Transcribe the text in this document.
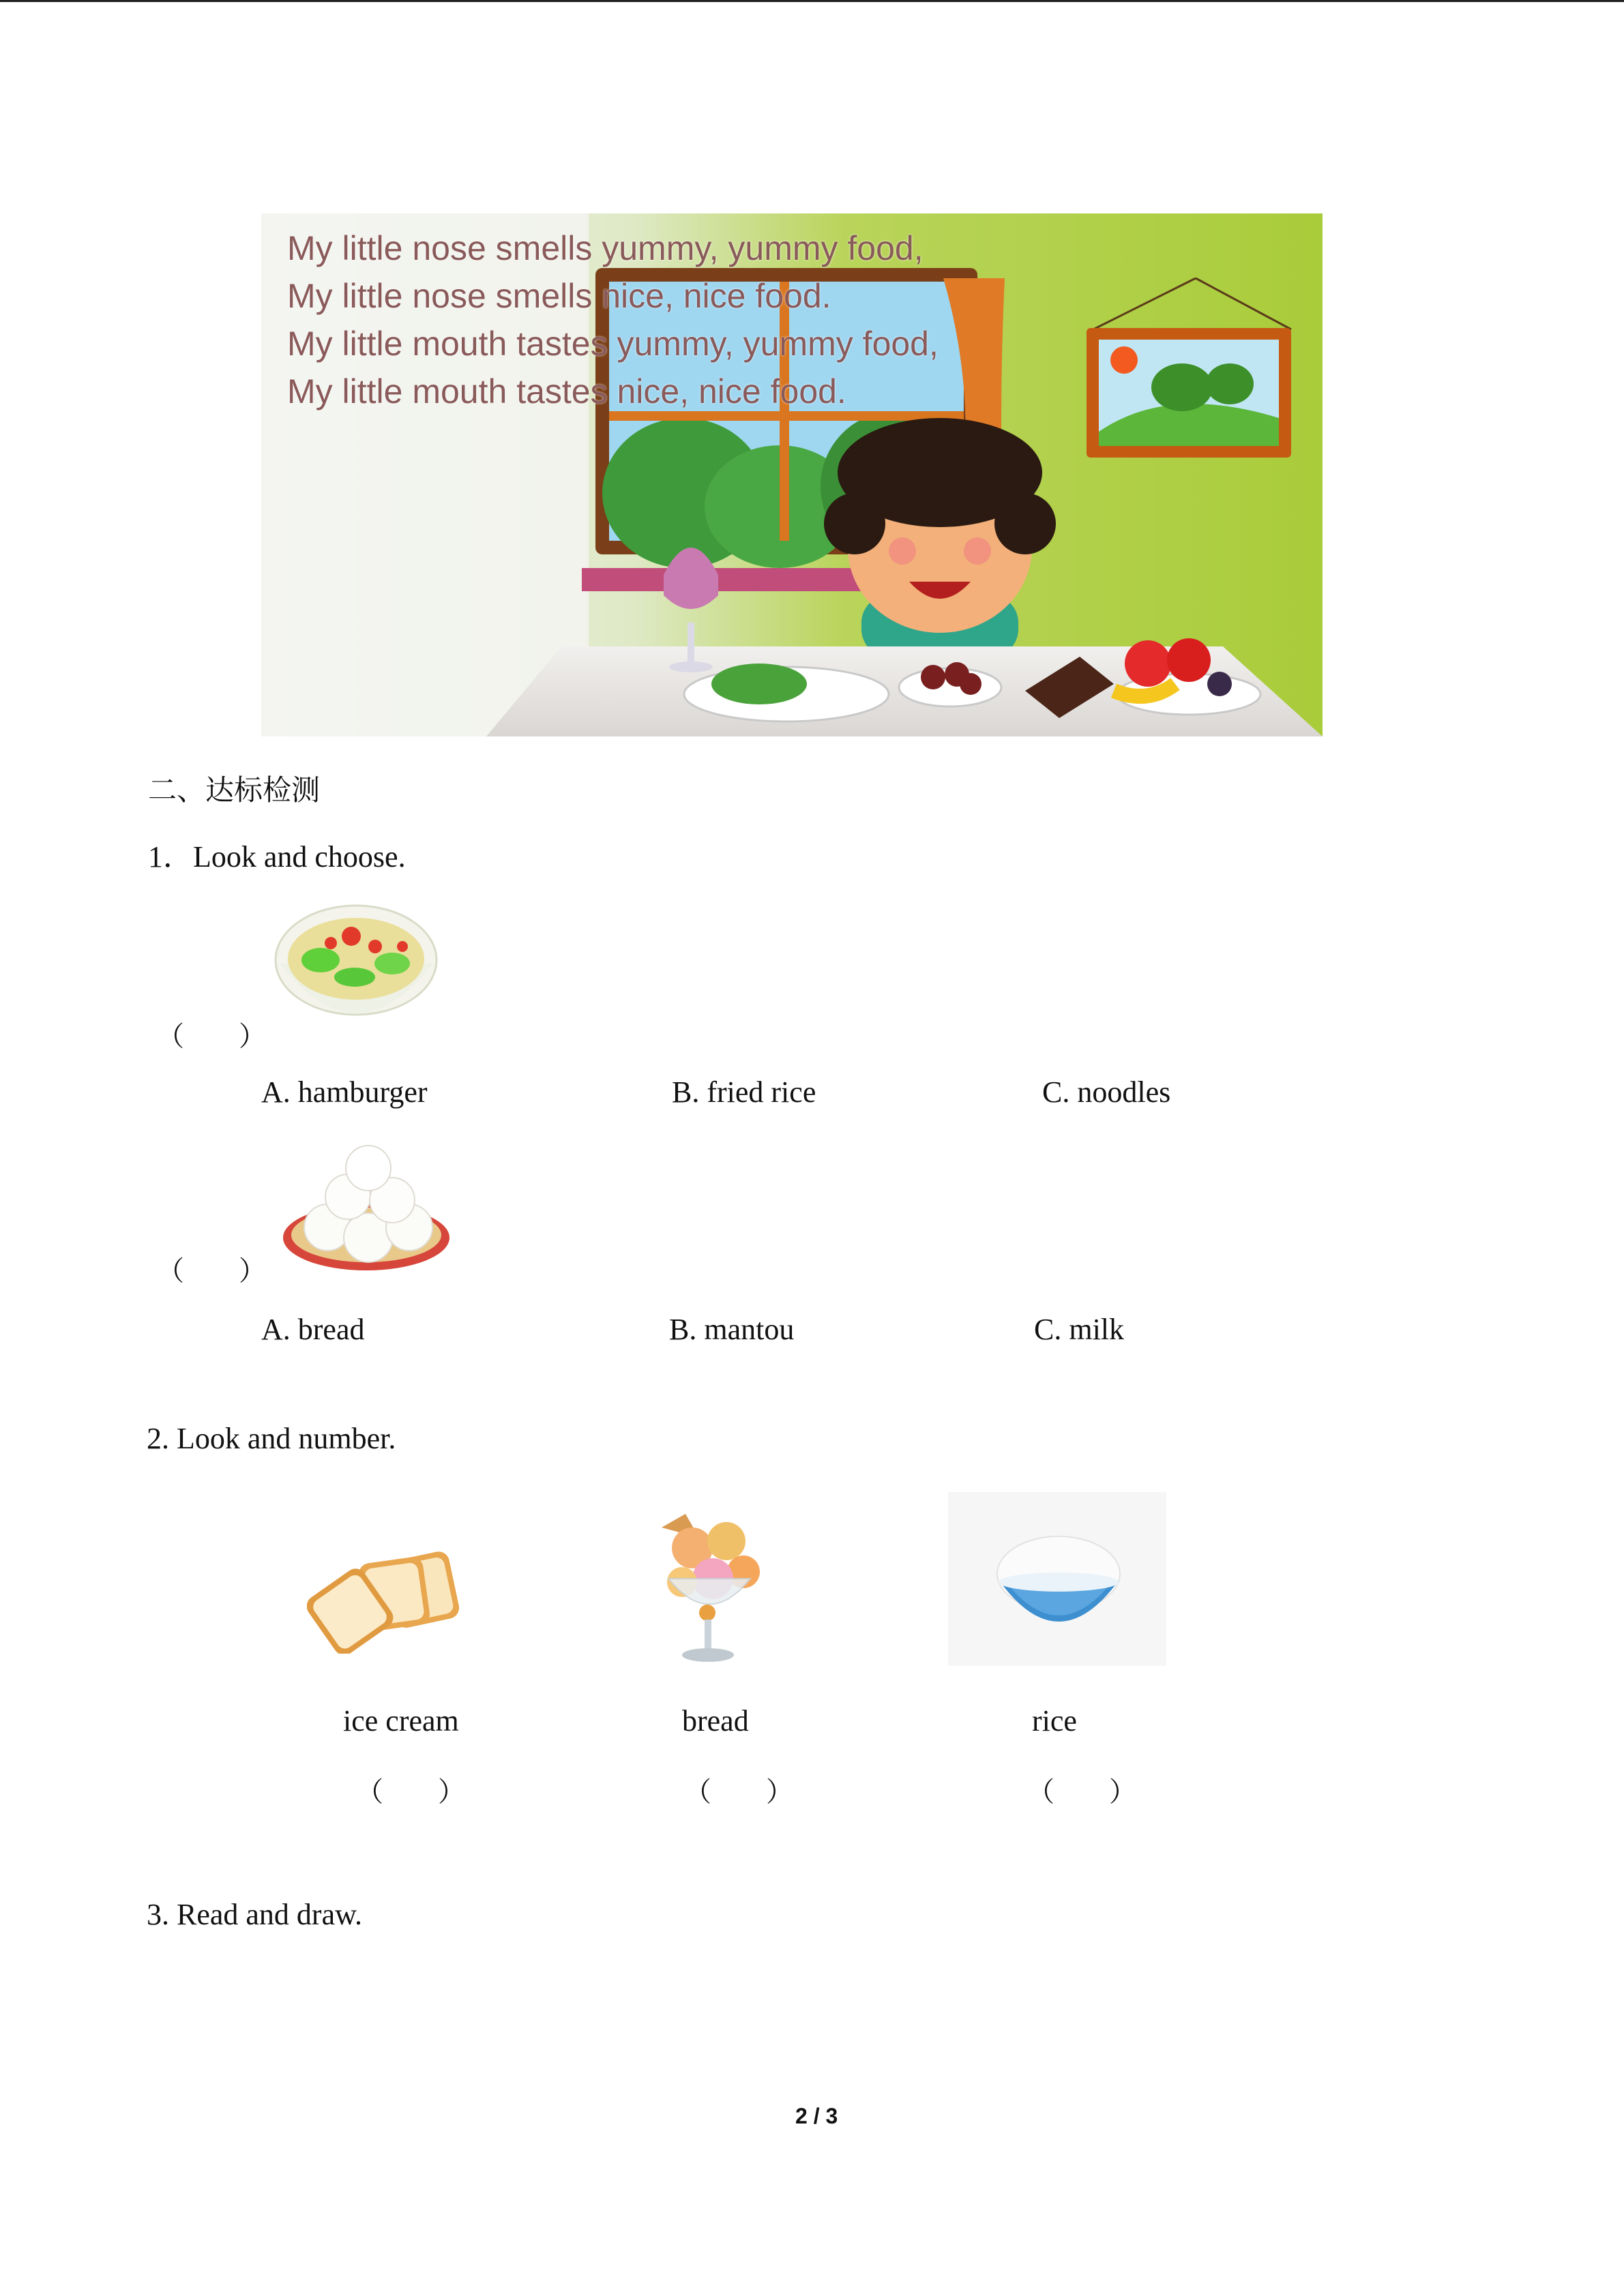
My little nose smells yummy, yummy food,
My little nose smells nice, nice food.
My little mouth tastes yummy, yummy food,
My little mouth tastes nice, nice food.
二、达标检测
1．Look and choose.
（　　）
A. hamburger	B. fried rice	C. noodles
（　　）
A. bread	B. mantou	C. milk
2. Look and number.
ice cream	bread	rice
（　　）	（　　）	（　　）
3. Read and draw.
2 / 3
